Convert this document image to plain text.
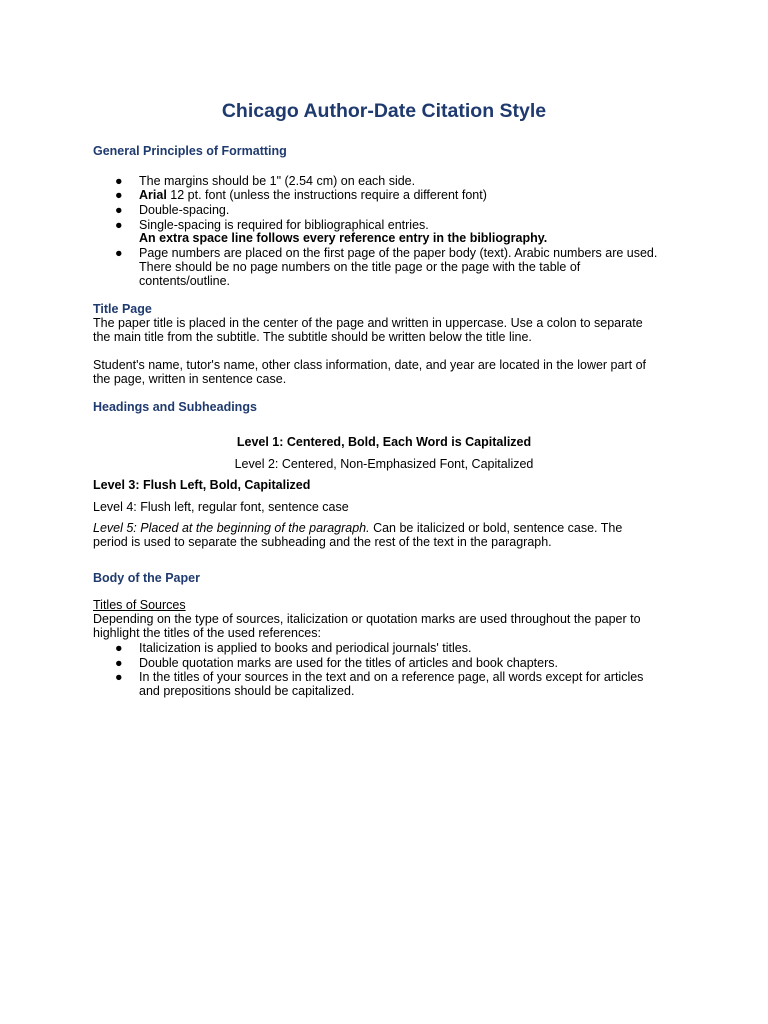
Chicago Author-Date Citation Style
General Principles of Formatting
● The margins should be 1" (2.54 cm) on each side.
● Arial 12 pt. font (unless the instructions require a different font)
● Double-spacing.
● Single-spacing is required for bibliographical entries.
An extra space line follows every reference entry in the bibliography.
● Page numbers are placed on the first page of the paper body (text). Arabic numbers are used.
There should be no page numbers on the title page or the page with the table of
contents/outline.
Title Page
The paper title is placed in the center of the page and written in uppercase. Use a colon to separate
the main title from the subtitle. The subtitle should be written below the title line.
Student's name, tutor's name, other class information, date, and year are located in the lower part of
the page, written in sentence case.
Headings and Subheadings
Level 1: Centered, Bold, Each Word is Capitalized
Level 2: Centered, Non-Emphasized Font, Capitalized
Level 3: Flush Left, Bold, Capitalized
Level 4: Flush left, regular font, sentence case
Level 5: Placed at the beginning of the paragraph. Can be italicized or bold, sentence case. The
period is used to separate the subheading and the rest of the text in the paragraph.
Body of the Paper
Titles of Sources
Depending on the type of sources, italicization or quotation marks are used throughout the paper to
highlight the titles of the used references:
● Italicization is applied to books and periodical journals' titles.
● Double quotation marks are used for the titles of articles and book chapters.
● In the titles of your sources in the text and on a reference page, all words except for articles
and prepositions should be capitalized.
